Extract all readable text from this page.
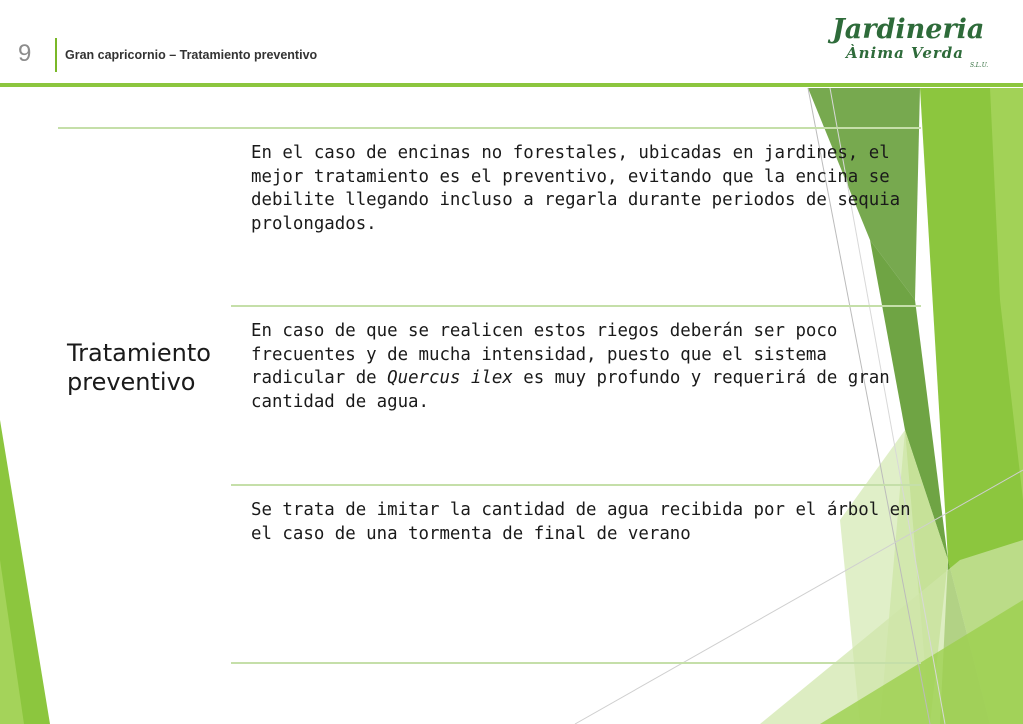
9	Gran capricornio – Tratamiento preventivo
Jardineria
Ànima Verda
S.L.U.
Tratamiento preventivo

En el caso de encinas no forestales, ubicadas en jardines, el mejor tratamiento es el preventivo, evitando que la encina se debilite llegando incluso a regarla durante periodos de sequia prolongados.

En caso de que se realicen estos riegos deberán ser poco frecuentes y de mucha intensidad, puesto que el sistema radicular de Quercus ilex es muy profundo y requerirá de gran cantidad de agua.

Se trata de imitar la cantidad de agua recibida por el árbol en el caso de una tormenta de final de verano
